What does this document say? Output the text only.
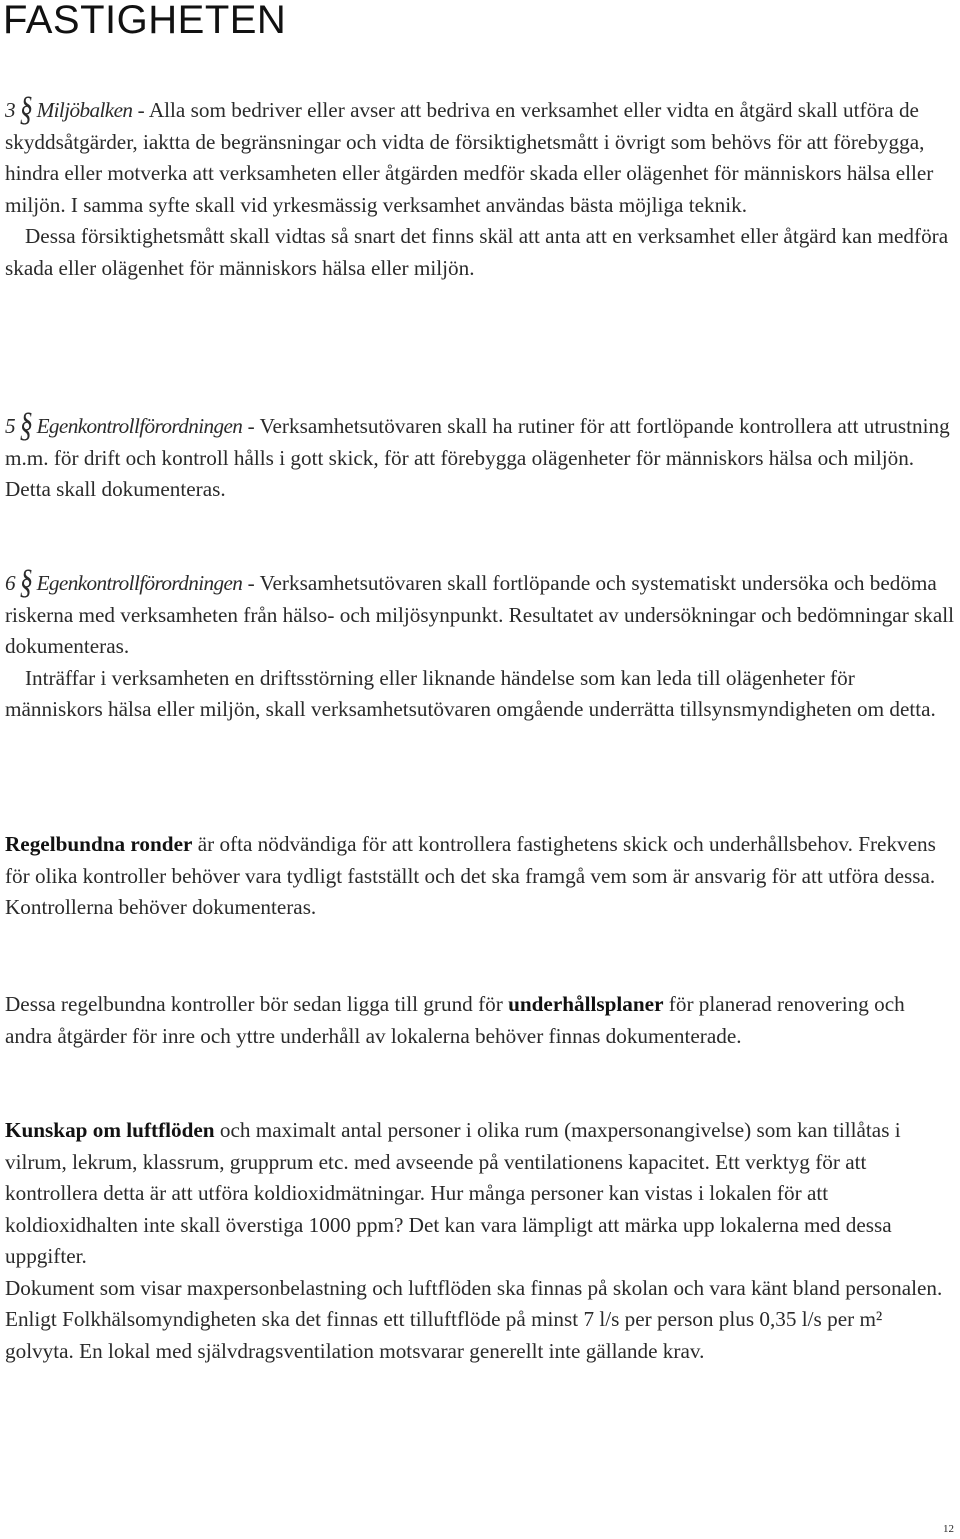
FASTIGHETEN

3 § Miljöbalken - Alla som bedriver eller avser att bedriva en verksamhet eller vidta en åtgärd skall utföra de skyddsåtgärder, iaktta de begränsningar och vidta de försiktighetsmått i övrigt som behövs för att förebygga, hindra eller motverka att verksamheten eller åtgärden medför skada eller olägenhet för människors hälsa eller miljön. I samma syfte skall vid yrkesmässig verksamhet användas bästa möjliga teknik.

Dessa försiktighetsmått skall vidtas så snart det finns skäl att anta att en verksamhet eller åtgärd kan medföra skada eller olägenhet för människors hälsa eller miljön.

5 § Egenkontrollförordningen - Verksamhetsutövaren skall ha rutiner för att fortlöpande kontrollera att utrustning m.m. för drift och kontroll hålls i gott skick, för att förebygga olägenheter för människors hälsa och miljön. Detta skall dokumenteras.

6 § Egenkontrollförordningen - Verksamhetsutövaren skall fortlöpande och systematiskt undersöka och bedöma riskerna med verksamheten från hälso- och miljösynpunkt. Resultatet av undersökningar och bedömningar skall dokumenteras.

Inträffar i verksamheten en driftsstörning eller liknande händelse som kan leda till olägenheter för människors hälsa eller miljön, skall verksamhetsutövaren omgående underrätta tillsynsmyndigheten om detta.

Regelbundna ronder är ofta nödvändiga för att kontrollera fastighetens skick och underhållsbehov. Frekvens för olika kontroller behöver vara tydligt fastställt och det ska framgå vem som är ansvarig för att utföra dessa. Kontrollerna behöver dokumenteras.

Dessa regelbundna kontroller bör sedan ligga till grund för underhållsplaner för planerad renovering och andra åtgärder för inre och yttre underhåll av lokalerna behöver finnas dokumenterade.

Kunskap om luftflöden och maximalt antal personer i olika rum (maxpersonangivelse) som kan tillåtas i vilrum, lekrum, klassrum, grupprum etc. med avseende på ventilationens kapacitet. Ett verktyg för att kontrollera detta är att utföra koldioxidmätningar. Hur många personer kan vistas i lokalen för att koldioxidhalten inte skall överstiga 1000 ppm? Det kan vara lämpligt att märka upp lokalerna med dessa uppgifter.

Dokument som visar maxpersonbelastning och luftflöden ska finnas på skolan och vara känt bland personalen. Enligt Folkhälsomyndigheten ska det finnas ett tilluftflöde på minst 7 l/s per person plus 0,35 l/s per m² golvyta. En lokal med självdragsventilation motsvarar generellt inte gällande krav.

12
